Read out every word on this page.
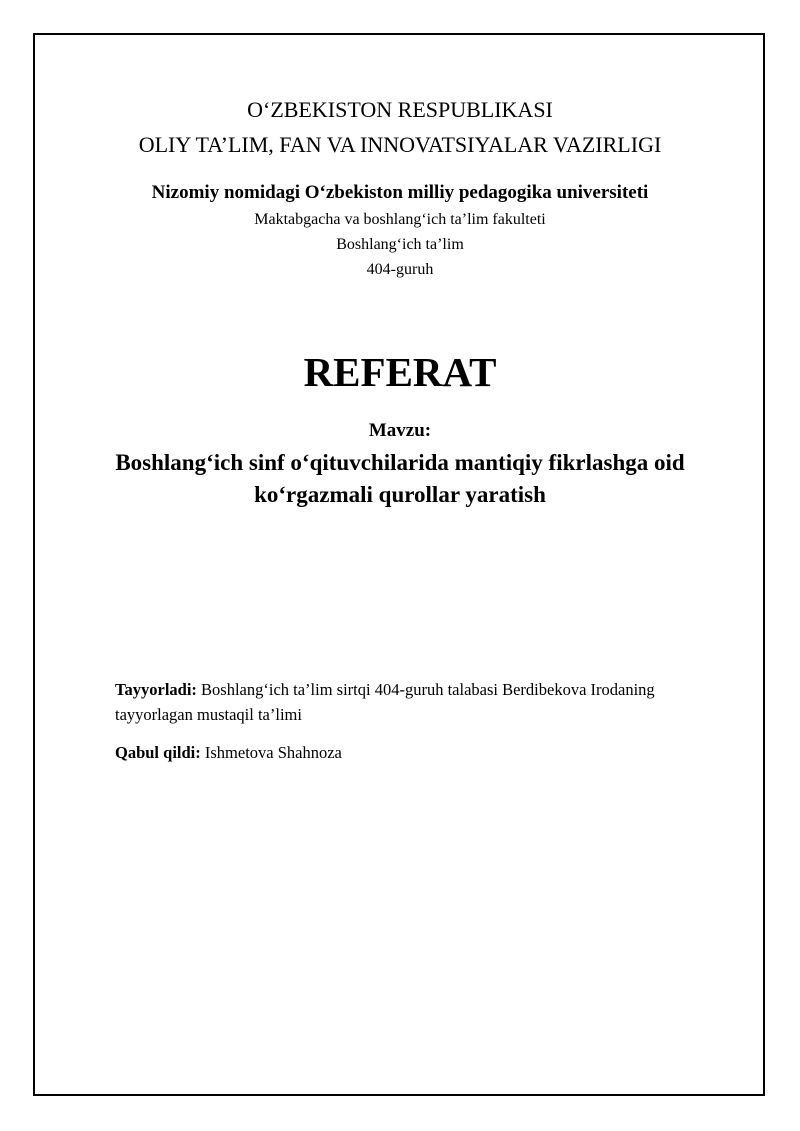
O‘ZBEKISTON RESPUBLIKASI

OLIY TA’LIM, FAN VA INNOVATSIYALAR VAZIRLIGI

Nizomiy nomidagi O‘zbekiston milliy pedagogika universiteti

Maktabgacha va boshlang‘ich ta’lim fakulteti

Boshlang‘ich ta’lim

404-guruh

REFERAT

Mavzu:

Boshlang‘ich sinf o‘qituvchilarida mantiqiy fikrlashga oid

ko‘rgazmali qurollar yaratish

Tayyorladi: Boshlang‘ich ta’lim sirtqi 404-guruh talabasi Berdibekova Irodaning

tayyorlagan mustaqil ta’limi

Qabul qildi: Ishmetova Shahnoza
